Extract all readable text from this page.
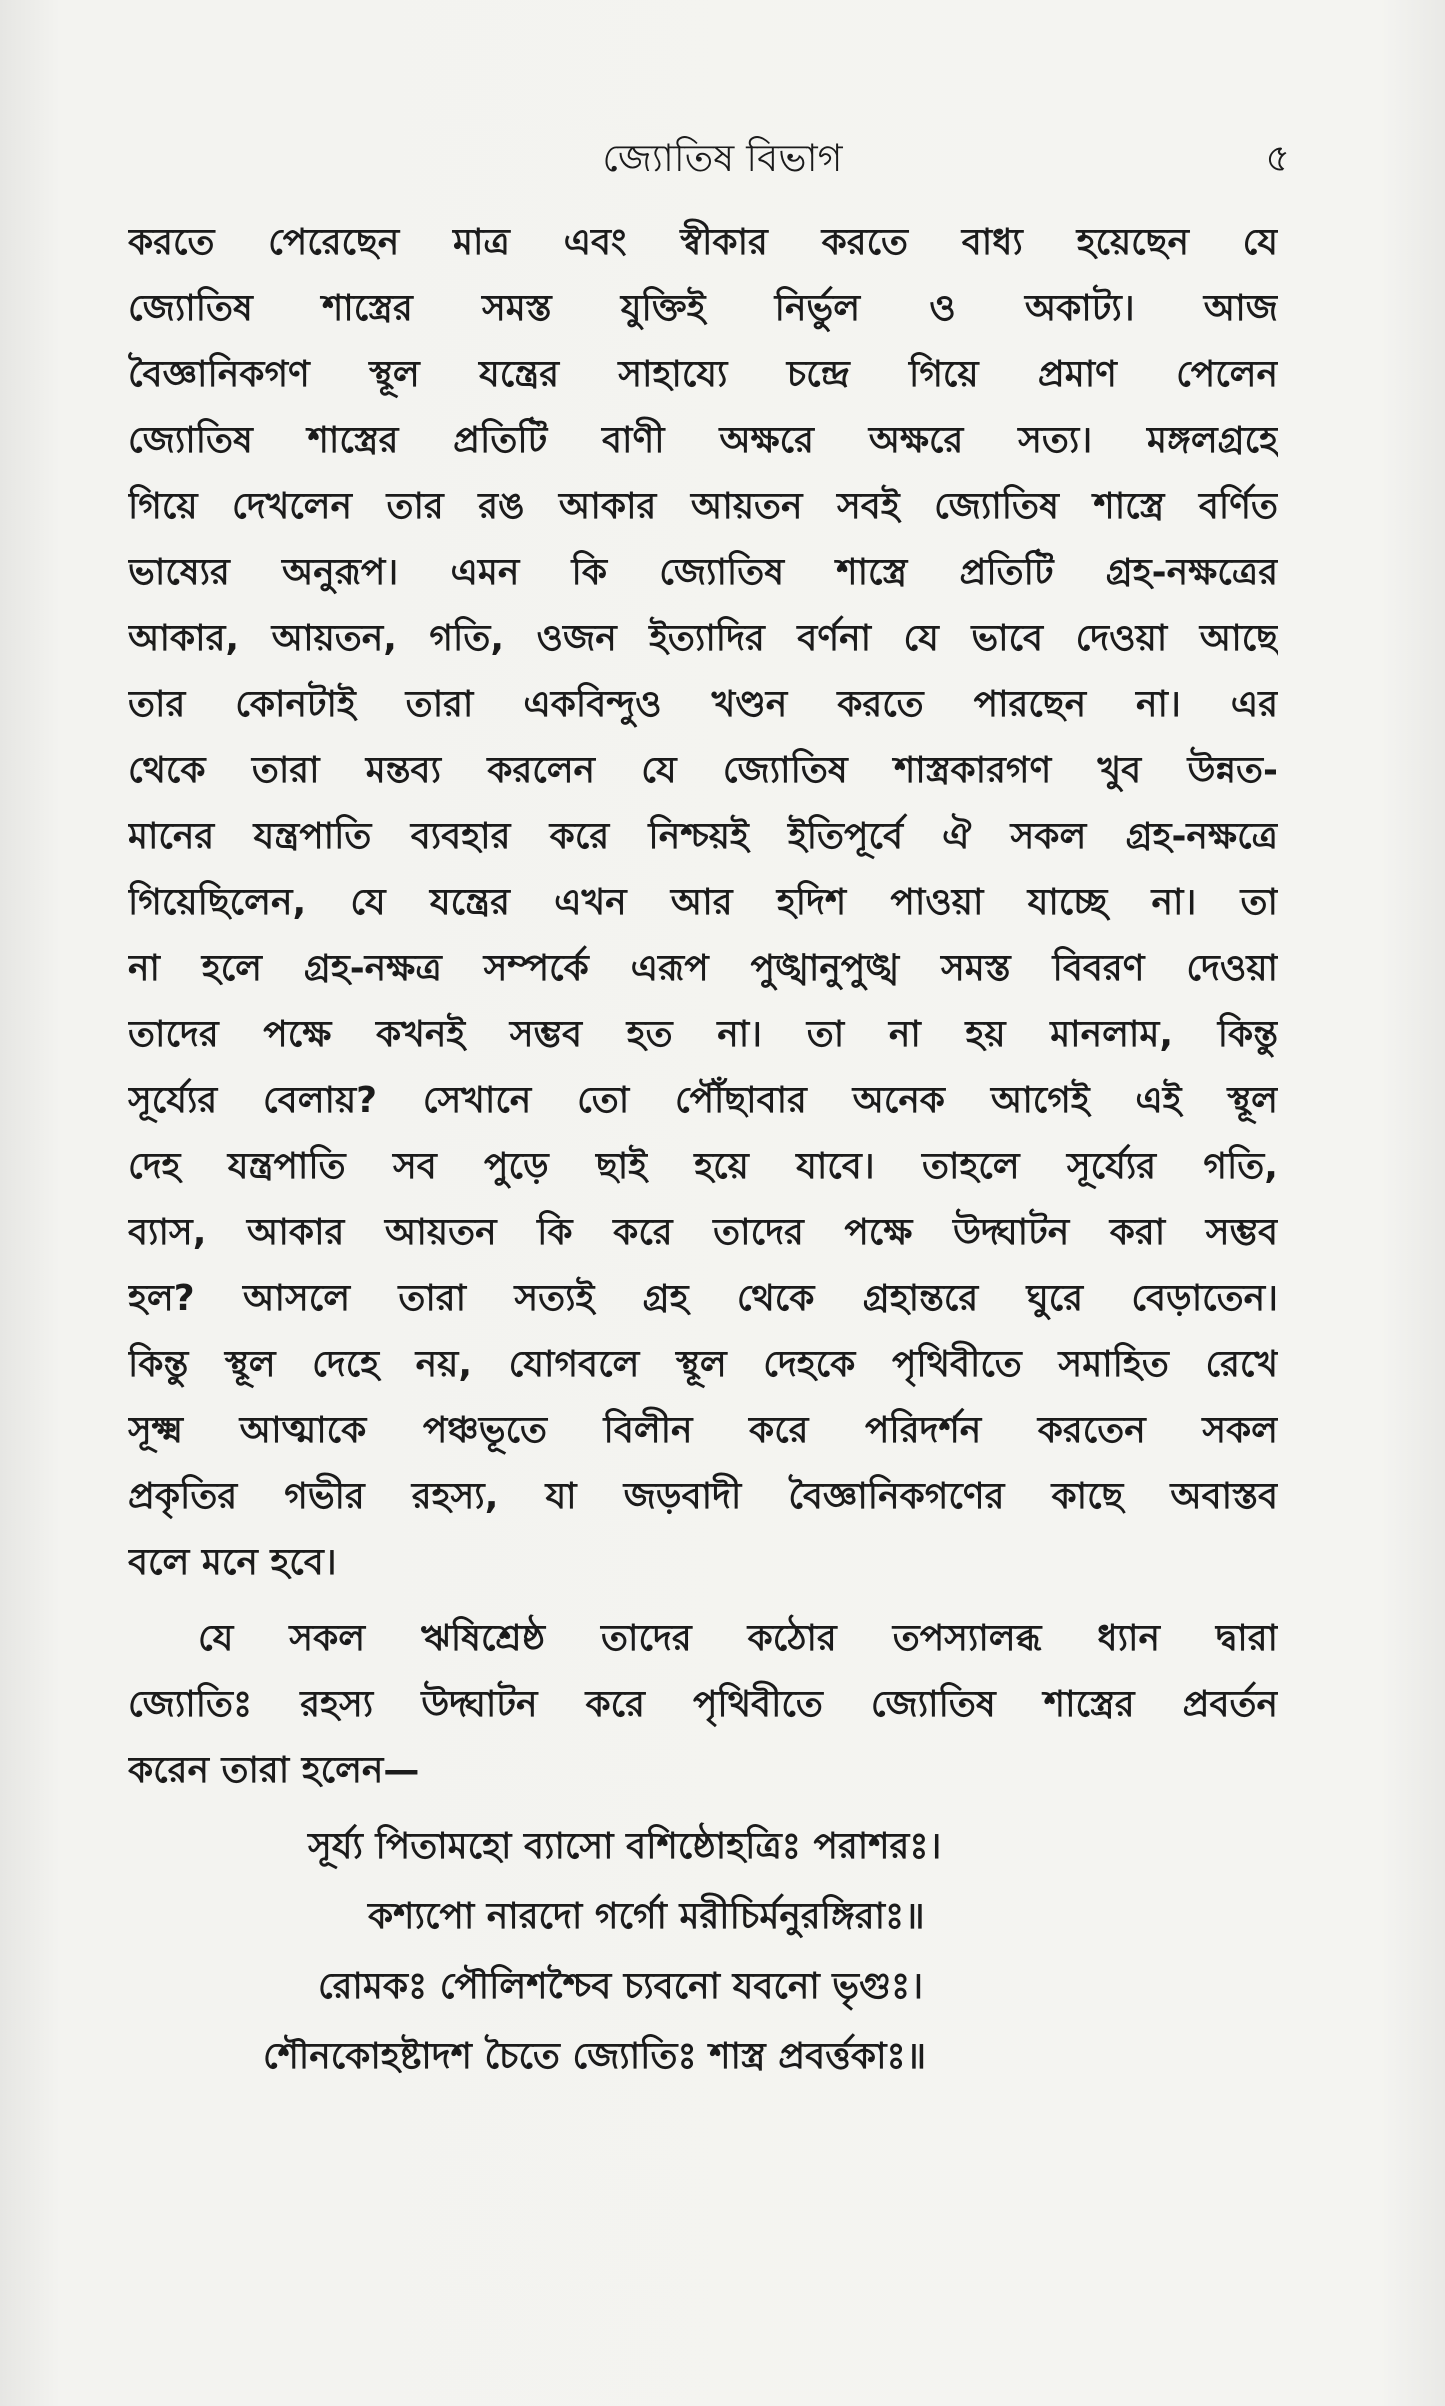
জ্যোতিষ বিভাগ	৫
করতে পেরেছেন মাত্র এবং স্বীকার করতে বাধ্য হয়েছেন যে
জ্যোতিষ শাস্ত্রের সমস্ত যুক্তিই নির্ভুল ও অকাট্য। আজ
বৈজ্ঞানিকগণ স্থূল যন্ত্রের সাহায্যে চন্দ্রে গিয়ে প্রমাণ পেলেন
জ্যোতিষ শাস্ত্রের প্রতিটি বাণী অক্ষরে অক্ষরে সত্য। মঙ্গলগ্রহে
গিয়ে দেখলেন তার রঙ আকার আয়তন সবই জ্যোতিষ শাস্ত্রে বর্ণিত
ভাষ্যের অনুরূপ। এমন কি জ্যোতিষ শাস্ত্রে প্রতিটি গ্রহ-নক্ষত্রের
আকার, আয়তন, গতি, ওজন ইত্যাদির বর্ণনা যে ভাবে দেওয়া আছে
তার কোনটাই তারা একবিন্দুও খণ্ডন করতে পারছেন না। এর
থেকে তারা মন্তব্য করলেন যে জ্যোতিষ শাস্ত্রকারগণ খুব উন্নত-
মানের যন্ত্রপাতি ব্যবহার করে নিশ্চয়ই ইতিপূর্বে ঐ সকল গ্রহ-নক্ষত্রে
গিয়েছিলেন, যে যন্ত্রের এখন আর হদিশ পাওয়া যাচ্ছে না। তা
না হলে গ্রহ-নক্ষত্র সম্পর্কে এরূপ পুঙ্খানুপুঙ্খ সমস্ত বিবরণ দেওয়া
তাদের পক্ষে কখনই সম্ভব হত না। তা না হয় মানলাম, কিন্তু
সূর্য্যের বেলায়? সেখানে তো পৌঁছাবার অনেক আগেই এই স্থূল
দেহ যন্ত্রপাতি সব পুড়ে ছাই হয়ে যাবে। তাহলে সূর্য্যের গতি,
ব্যাস, আকার আয়তন কি করে তাদের পক্ষে উদ্ঘাটন করা সম্ভব
হল? আসলে তারা সত্যই গ্রহ থেকে গ্রহান্তরে ঘুরে বেড়াতেন।
কিন্তু স্থূল দেহে নয়, যোগবলে স্থূল দেহকে পৃথিবীতে সমাহিত রেখে
সূক্ষ্ম আত্মাকে পঞ্চভূতে বিলীন করে পরিদর্শন করতেন সকল
প্রকৃতির গভীর রহস্য, যা জড়বাদী বৈজ্ঞানিকগণের কাছে অবাস্তব
বলে মনে হবে।
যে সকল ঋষিশ্রেষ্ঠ তাদের কঠোর তপস্যালব্ধ ধ্যান দ্বারা
জ্যোতিঃ রহস্য উদ্ঘাটন করে পৃথিবীতে জ্যোতিষ শাস্ত্রের প্রবর্তন
করেন তারা হলেন—
সূর্য্য পিতামহো ব্যাসো বশিষ্ঠোহত্রিঃ পরাশরঃ।
কশ্যপো নারদো গর্গো মরীচির্মনুরঙ্গিরাঃ॥
রোমকঃ পৌলিশশ্চৈব চ্যবনো যবনো ভৃগুঃ।
শৌনকোহষ্টাদশ চৈতে জ্যোতিঃ শাস্ত্র প্রবর্ত্তকাঃ॥
